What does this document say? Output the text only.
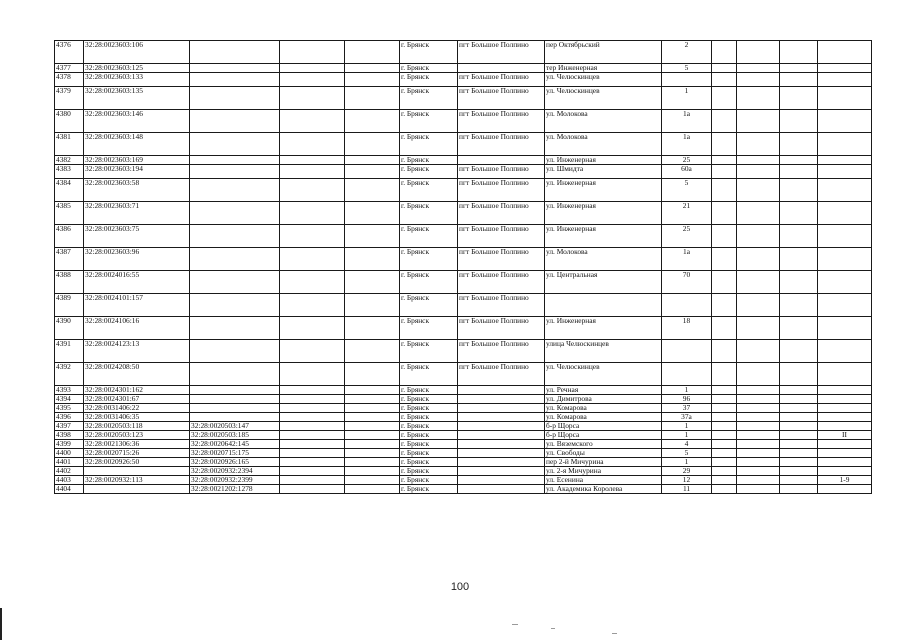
4376	32:28:0023603:106				г. Брянск	пгт Большое Полпино	пер Октябрьский	2				
4377	32:28:0023603:125				г. Брянск		тер Инженерная	5				
4378	32:28:0023603:133				г. Брянск	пгт Большое Полпино	ул. Челюскинцев					
4379	32:28:0023603:135				г. Брянск	пгт Большое Полпино	ул. Челюскинцев	1				
4380	32:28:0023603:146				г. Брянск	пгт Большое Полпино	ул. Молокова	1а				
4381	32:28:0023603:148				г. Брянск	пгт Большое Полпино	ул. Молокова	1а				
4382	32:28:0023603:169				г. Брянск		ул. Инженерная	25				
4383	32:28:0023603:194				г. Брянск	пгт Большое Полпино	ул. Шмидта	60а				
4384	32:28:0023603:58				г. Брянск	пгт Большое Полпино	ул. Инженерная	5				
4385	32:28:0023603:71				г. Брянск	пгт Большое Полпино	ул. Инженерная	21				
4386	32:28:0023603:75				г. Брянск	пгт Большое Полпино	ул. Инженерная	25				
4387	32:28:0023603:96				г. Брянск	пгт Большое Полпино	ул. Молокова	1а				
4388	32:28:0024016:55				г. Брянск	пгт Большое Полпино	ул. Центральная	70				
4389	32:28:0024101:157				г. Брянск	пгт Большое Полпино						
4390	32:28:0024106:16				г. Брянск	пгт Большое Полпино	ул. Инженерная	18				
4391	32:28:0024123:13				г. Брянск	пгт Большое Полпино	улица Челюскинцев					
4392	32:28:0024208:50				г. Брянск	пгт Большое Полпино	ул. Челюскинцев					
4393	32:28:0024301:162				г. Брянск		ул. Речная	1				
4394	32:28:0024301:67				г. Брянск		ул. Димитрова	96				
4395	32:28:0031406:22				г. Брянск		ул. Комарова	37				
4396	32:28:0031406:35				г. Брянск		ул. Комарова	37а				
4397	32:28:0020503:118	32:28:0020503:147			г. Брянск		б-р Щорса	1				
4398	32:28:0020503:123	32:28:0020503:185			г. Брянск		б-р Щорса	1				II
4399	32:28:0021306:36	32:28:0020642:145			г. Брянск		ул. Вяземского	4				
4400	32:28:0020715:26	32:28:0020715:175			г. Брянск		ул. Свободы	5				
4401	32:28:0020926:50	32:28:0020926:165			г. Брянск		пер 2-й Мичурина	1				
4402		32:28:0020932:2394			г. Брянск		ул. 2-я Мичурина	29				
4403	32:28:0020932:113	32:28:0020932:2399			г. Брянск		ул. Есенина	12				1-9
4404		32:28:0021202:1278			г. Брянск		ул. Академика Королева	11				
100
